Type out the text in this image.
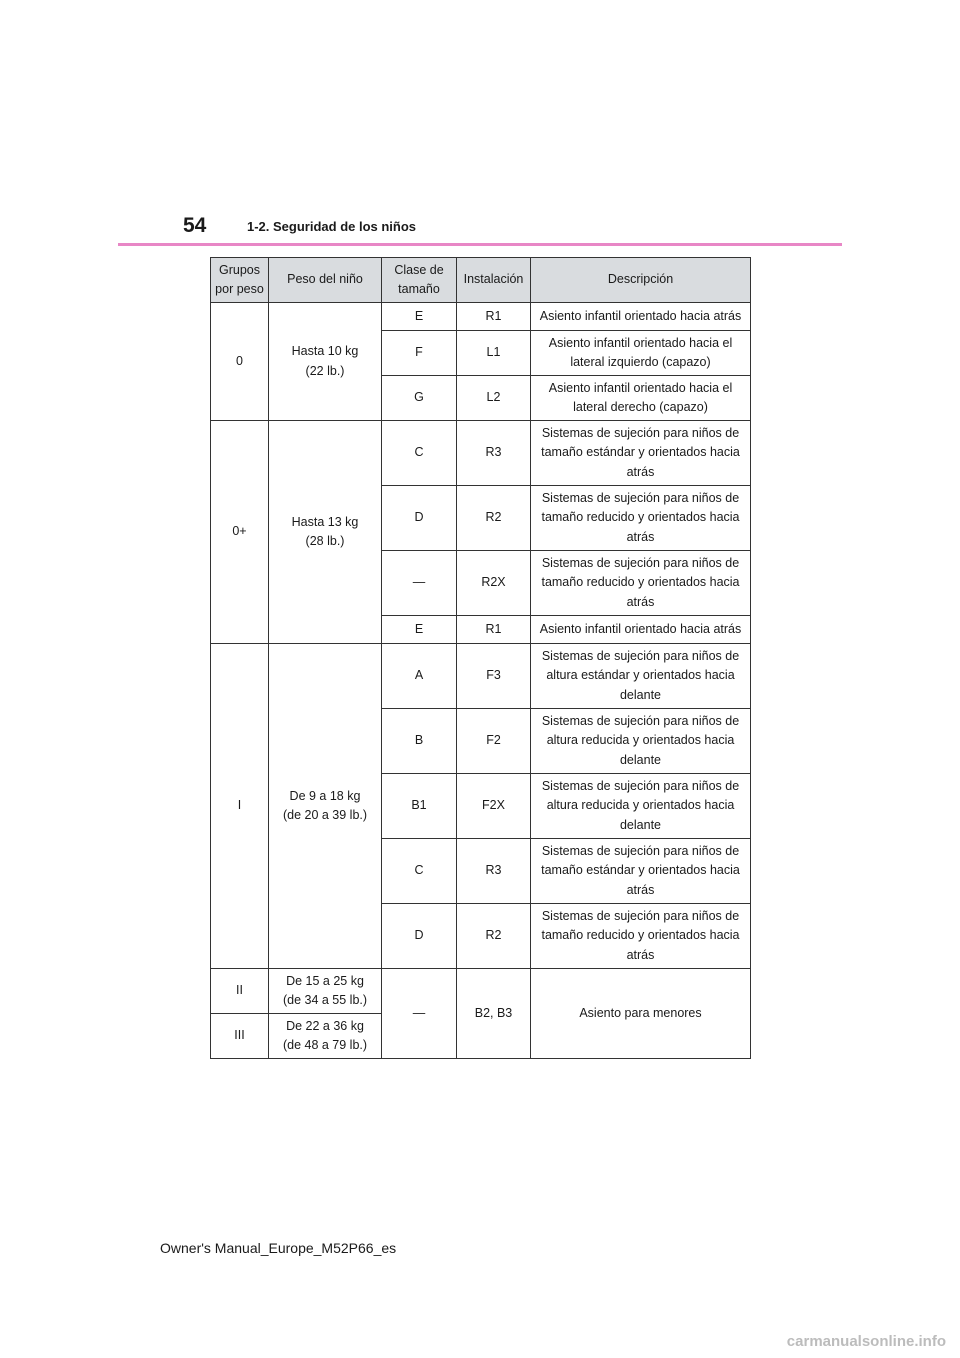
54	1-2. Seguridad de los niños
Grupos
por peso	Peso del niño	Clase de
tamaño	Instalación	Descripción
0	Hasta 10 kg
(22 lb.)	E	R1	Asiento infantil orientado hacia atrás
		F	L1	Asiento infantil orientado hacia el
lateral izquierdo (capazo)
		G	L2	Asiento infantil orientado hacia el
lateral derecho (capazo)
0+	Hasta 13 kg
(28 lb.)	C	R3	Sistemas de sujeción para niños de
tamaño estándar y orientados hacia
atrás
		D	R2	Sistemas de sujeción para niños de
tamaño reducido y orientados hacia
atrás
		—	R2X	Sistemas de sujeción para niños de
tamaño reducido y orientados hacia
atrás
		E	R1	Asiento infantil orientado hacia atrás
I	De 9 a 18 kg
(de 20 a 39 lb.)	A	F3	Sistemas de sujeción para niños de
altura estándar y orientados hacia
delante
		B	F2	Sistemas de sujeción para niños de
altura reducida y orientados hacia
delante
		B1	F2X	Sistemas de sujeción para niños de
altura reducida y orientados hacia
delante
		C	R3	Sistemas de sujeción para niños de
tamaño estándar y orientados hacia
atrás
		D	R2	Sistemas de sujeción para niños de
tamaño reducido y orientados hacia
atrás
II	De 15 a 25 kg
(de 34 a 55 lb.)	—	B2, B3	Asiento para menores
III	De 22 a 36 kg
(de 48 a 79 lb.)			
Owner's Manual_Europe_M52P66_es
carmanualsonline.info
